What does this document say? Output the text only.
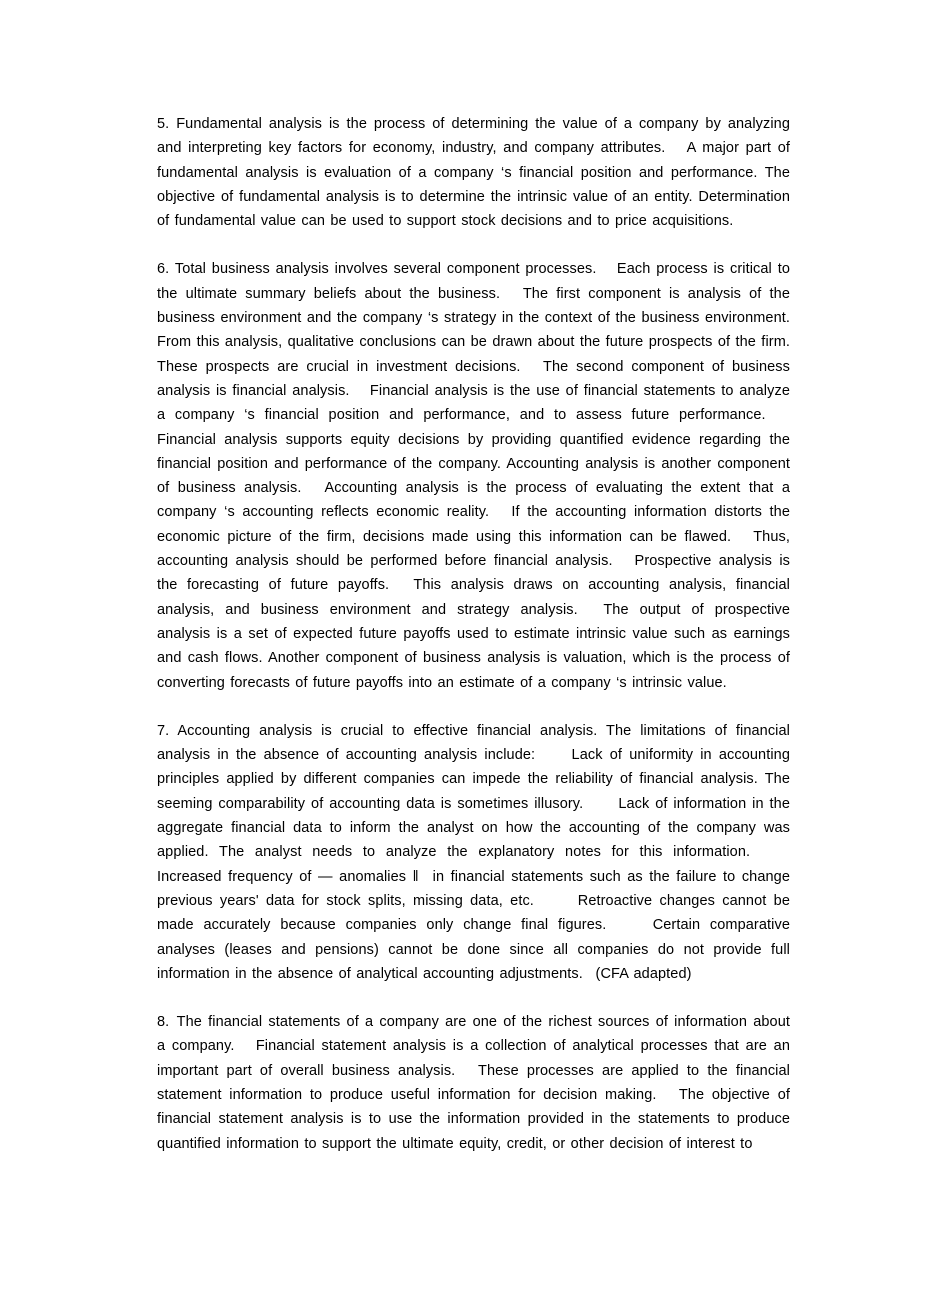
5. Fundamental analysis is the process of determining the value of a company by analyzing and interpreting key factors for economy, industry, and company attributes.  A major part of fundamental analysis is evaluation of a company ‘s financial position and performance. The objective of fundamental analysis is to determine the intrinsic value of an entity. Determination of fundamental value can be used to support stock decisions and to price acquisitions.

6. Total business analysis involves several component processes.  Each process is critical to the ultimate summary beliefs about the business.  The first component is analysis of the business environment and the company ‘s strategy in the context of the business environment. From this analysis, qualitative conclusions can be drawn about the future prospects of the firm. These prospects are crucial in investment decisions.  The second component of business analysis is financial analysis.  Financial analysis is the use of financial statements to analyze a company ‘s financial position and performance, and to assess future performance.  Financial analysis supports equity decisions by providing quantified evidence regarding the financial position and performance of the company. Accounting analysis is another component of business analysis.  Accounting analysis is the process of evaluating the extent that a company ‘s accounting reflects economic reality.  If the accounting information distorts the economic picture of the firm, decisions made using this information can be flawed.  Thus, accounting analysis should be performed before financial analysis.  Prospective analysis is the forecasting of future payoffs.  This analysis draws on accounting analysis, financial analysis, and business environment and strategy analysis.  The output of prospective analysis is a set of expected future payoffs used to estimate intrinsic value such as earnings and cash flows. Another component of business analysis is valuation, which is the process of converting forecasts of future payoffs into an estimate of a company ‘s intrinsic value.

7. Accounting analysis is crucial to effective financial analysis. The limitations of financial analysis in the absence of accounting analysis include:   Lack of uniformity in accounting principles applied by different companies can impede the reliability of financial analysis. The seeming comparability of accounting data is sometimes illusory.   Lack of information in the aggregate financial data to inform the analyst on how the accounting of the company was applied. The analyst needs to analyze the explanatory notes for this information.   Increased frequency of ― anomalies ‖  in financial statements such as the failure to change previous years' data for stock splits, missing data, etc.    Retroactive changes cannot be made accurately because companies only change final figures.    Certain comparative analyses (leases and pensions) cannot be done since all companies do not provide full information in the absence of analytical accounting adjustments.  (CFA adapted)

8. The financial statements of a company are one of the richest sources of information about a company.  Financial statement analysis is a collection of analytical processes that are an important part of overall business analysis.  These processes are applied to the financial statement information to produce useful information for decision making.  The objective of financial statement analysis is to use the information provided in the statements to produce quantified information to support the ultimate equity, credit, or other decision of interest to
